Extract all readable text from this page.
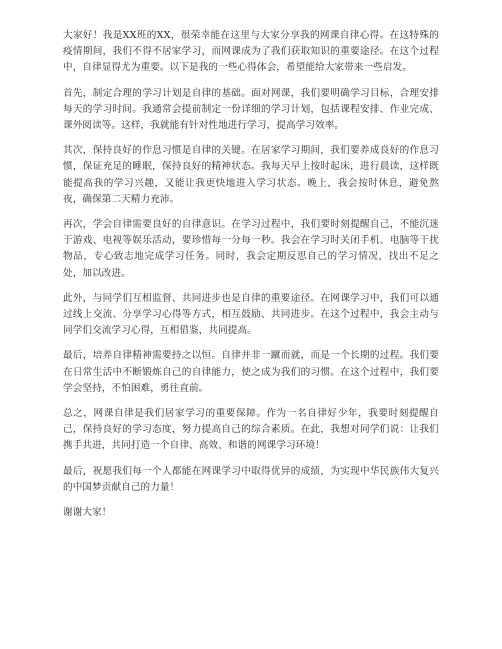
大家好！我是XX班的XX，很荣幸能在这里与大家分享我的网课自律心得。在这特殊的疫情期间，我们不得不居家学习，而网课成为了我们获取知识的重要途径。在这个过程中，自律显得尤为重要。以下是我的一些心得体会，希望能给大家带来一些启发。

首先，制定合理的学习计划是自律的基础。面对网课，我们要明确学习目标，合理安排每天的学习时间。我通常会提前制定一份详细的学习计划，包括课程安排、作业完成、课外阅读等。这样，我就能有针对性地进行学习，提高学习效率。

其次，保持良好的作息习惯是自律的关键。在居家学习期间，我们要养成良好的作息习惯，保证充足的睡眠，保持良好的精神状态。我每天早上按时起床，进行晨读，这样既能提高我的学习兴趣，又能让我更快地进入学习状态。晚上，我会按时休息，避免熬夜，确保第二天精力充沛。

再次，学会自律需要良好的自律意识。在学习过程中，我们要时刻提醒自己，不能沉迷于游戏、电视等娱乐活动，要珍惜每一分每一秒。我会在学习时关闭手机、电脑等干扰物品，专心致志地完成学习任务。同时，我会定期反思自己的学习情况，找出不足之处，加以改进。

此外，与同学们互相监督、共同进步也是自律的重要途径。在网课学习中，我们可以通过线上交流、分享学习心得等方式，相互鼓励、共同进步。在这个过程中，我会主动与同学们交流学习心得，互相借鉴，共同提高。

最后，培养自律精神需要持之以恒。自律并非一蹴而就，而是一个长期的过程。我们要在日常生活中不断锻炼自己的自律能力，使之成为我们的习惯。在这个过程中，我们要学会坚持，不怕困难，勇往直前。

总之，网课自律是我们居家学习的重要保障。作为一名自律好少年，我要时刻提醒自己，保持良好的学习态度，努力提高自己的综合素质。在此，我想对同学们说：让我们携手共进，共同打造一个自律、高效、和谐的网课学习环境！

最后，祝愿我们每一个人都能在网课学习中取得优异的成绩，为实现中华民族伟大复兴的中国梦贡献自己的力量！

谢谢大家！
